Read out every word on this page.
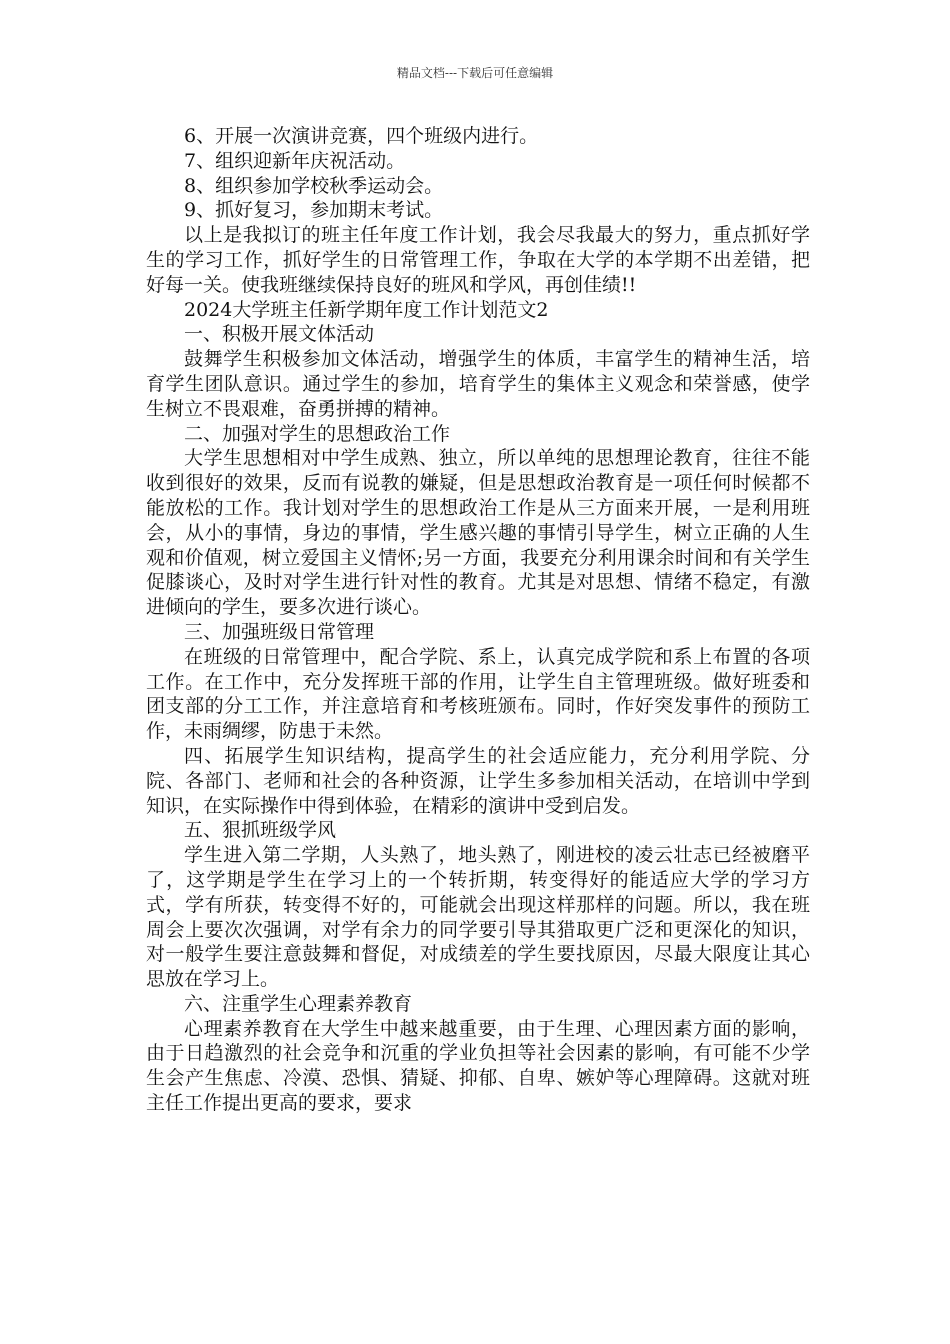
精品文档---下载后可任意编辑

6、开展一次演讲竞赛，四个班级内进行。

7、组织迎新年庆祝活动。

8、组织参加学校秋季运动会。

9、抓好复习，参加期末考试。

以上是我拟订的班主任年度工作计划，我会尽我最大的努力，重点抓好学生的学习工作，抓好学生的日常管理工作，争取在大学的本学期不出差错，把好每一关。使我班继续保持良好的班风和学风，再创佳绩!!

2024大学班主任新学期年度工作计划范文2

一、积极开展文体活动

鼓舞学生积极参加文体活动，增强学生的体质，丰富学生的精神生活，培育学生团队意识。通过学生的参加，培育学生的集体主义观念和荣誉感，使学生树立不畏艰难，奋勇拼搏的精神。

二、加强对学生的思想政治工作

大学生思想相对中学生成熟、独立，所以单纯的思想理论教育，往往不能收到很好的效果，反而有说教的嫌疑，但是思想政治教育是一项任何时候都不能放松的工作。我计划对学生的思想政治工作是从三方面来开展，一是利用班会，从小的事情，身边的事情，学生感兴趣的事情引导学生，树立正确的人生观和价值观，树立爱国主义情怀;另一方面，我要充分利用课余时间和有关学生促膝谈心，及时对学生进行针对性的教育。尤其是对思想、情绪不稳定，有激进倾向的学生，要多次进行谈心。

三、加强班级日常管理

在班级的日常管理中，配合学院、系上，认真完成学院和系上布置的各项工作。在工作中，充分发挥班干部的作用，让学生自主管理班级。做好班委和团支部的分工工作，并注意培育和考核班颁布。同时，作好突发事件的预防工作，未雨绸缪，防患于未然。

四、拓展学生知识结构，提高学生的社会适应能力，充分利用学院、分院、各部门、老师和社会的各种资源，让学生多参加相关活动，在培训中学到知识，在实际操作中得到体验，在精彩的演讲中受到启发。

五、狠抓班级学风

学生进入第二学期，人头熟了，地头熟了，刚进校的凌云壮志已经被磨平了，这学期是学生在学习上的一个转折期，转变得好的能适应大学的学习方式，学有所获，转变得不好的，可能就会出现这样那样的问题。所以，我在班周会上要次次强调，对学有余力的同学要引导其猎取更广泛和更深化的知识，对一般学生要注意鼓舞和督促，对成绩差的学生要找原因，尽最大限度让其心思放在学习上。

六、注重学生心理素养教育

心理素养教育在大学生中越来越重要，由于生理、心理因素方面的影响，由于日趋激烈的社会竞争和沉重的学业负担等社会因素的影响，有可能不少学生会产生焦虑、冷漠、恐惧、猜疑、抑郁、自卑、嫉妒等心理障碍。这就对班主任工作提出更高的要求，要求
